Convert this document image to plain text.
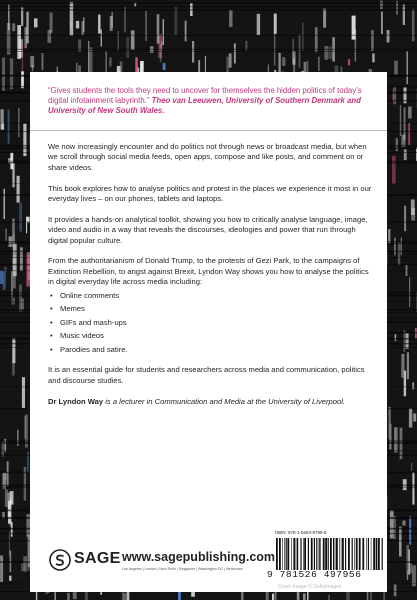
“Gives students the tools they need to uncover for themselves the hidden politics of today’s digital infotainment labyrinth.” Theo van Leeuwen, University of Southern Denmark and University of New South Wales.

We now increasingly encounter and do politics not through news or broadcast media, but when we scroll through social media feeds, open apps, compose and like posts, and comment on or share videos.

This book explores how to analyse politics and protest in the places we experience it most in our everyday lives – on our phones, tablets and laptops.

It provides a hands-on analytical toolkit, showing you how to critically analyse language, image, video and audio in a way that reveals the discourses, ideologies and power that run through digital popular culture.

From the authoritarianism of Donald Trump, to the protests of Gezi Park, to the campaigns of Extinction Rebellion, to angst against Brexit, Lyndon Way shows you how to analyse the politics in digital everyday life across media including:

• Online comments
• Memes
• GIFs and mash-ups
• Music videos
• Parodies and satire.

It is an essential guide for students and researchers across media and communication, politics and discourse studies.

Dr Lyndon Way is a lecturer in Communication and Media at the University of Liverpool.

SAGE www.sagepublishing.com
Los Angeles | London | New Delhi | Singapore | Washington DC | Melbourne
ISBN: 978-1-5264-9795-6
9 781526 497956
Cover Image © GettyImages
